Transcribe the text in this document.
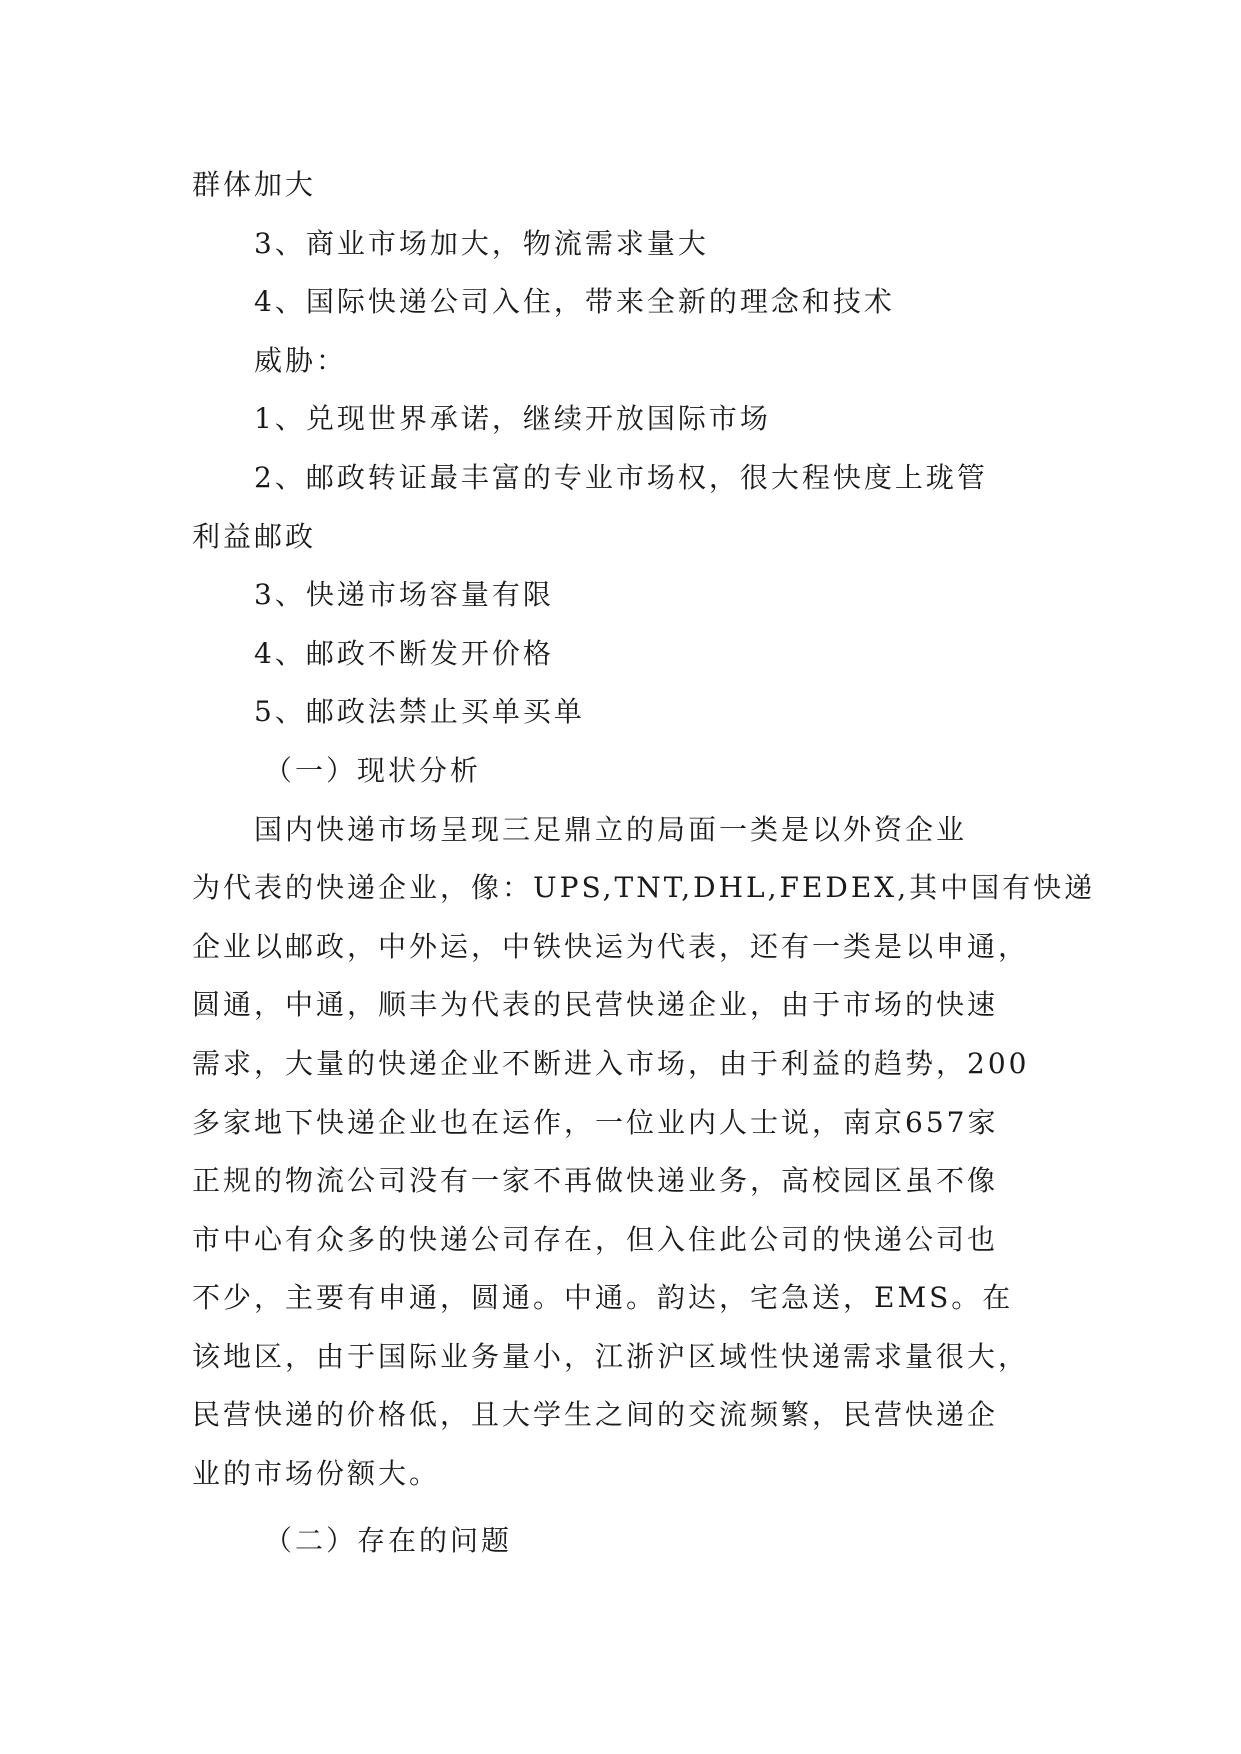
群体加大
3、商业市场加大，物流需求量大
4、国际快递公司入住，带来全新的理念和技术
威胁：
1、兑现世界承诺，继续开放国际市场
2、邮政转证最丰富的专业市场权，很大程快度上珑管
利益邮政
3、快递市场容量有限
4、邮政不断发开价格
5、邮政法禁止买单买单
（一）现状分析
国内快递市场呈现三足鼎立的局面一类是以外资企业
为代表的快递企业，像：UPS,TNT,DHL,FEDEX,其中国有快递
企业以邮政，中外运，中铁快运为代表，还有一类是以申通，
圆通，中通，顺丰为代表的民营快递企业，由于市场的快速
需求，大量的快递企业不断进入市场，由于利益的趋势，200
多家地下快递企业也在运作，一位业内人士说，南京657家
正规的物流公司没有一家不再做快递业务，高校园区虽不像
市中心有众多的快递公司存在，但入住此公司的快递公司也
不少，主要有申通，圆通。中通。韵达，宅急送，EMS。在
该地区，由于国际业务量小，江浙沪区域性快递需求量很大，
民营快递的价格低，且大学生之间的交流频繁，民营快递企
业的市场份额大。
（二）存在的问题
